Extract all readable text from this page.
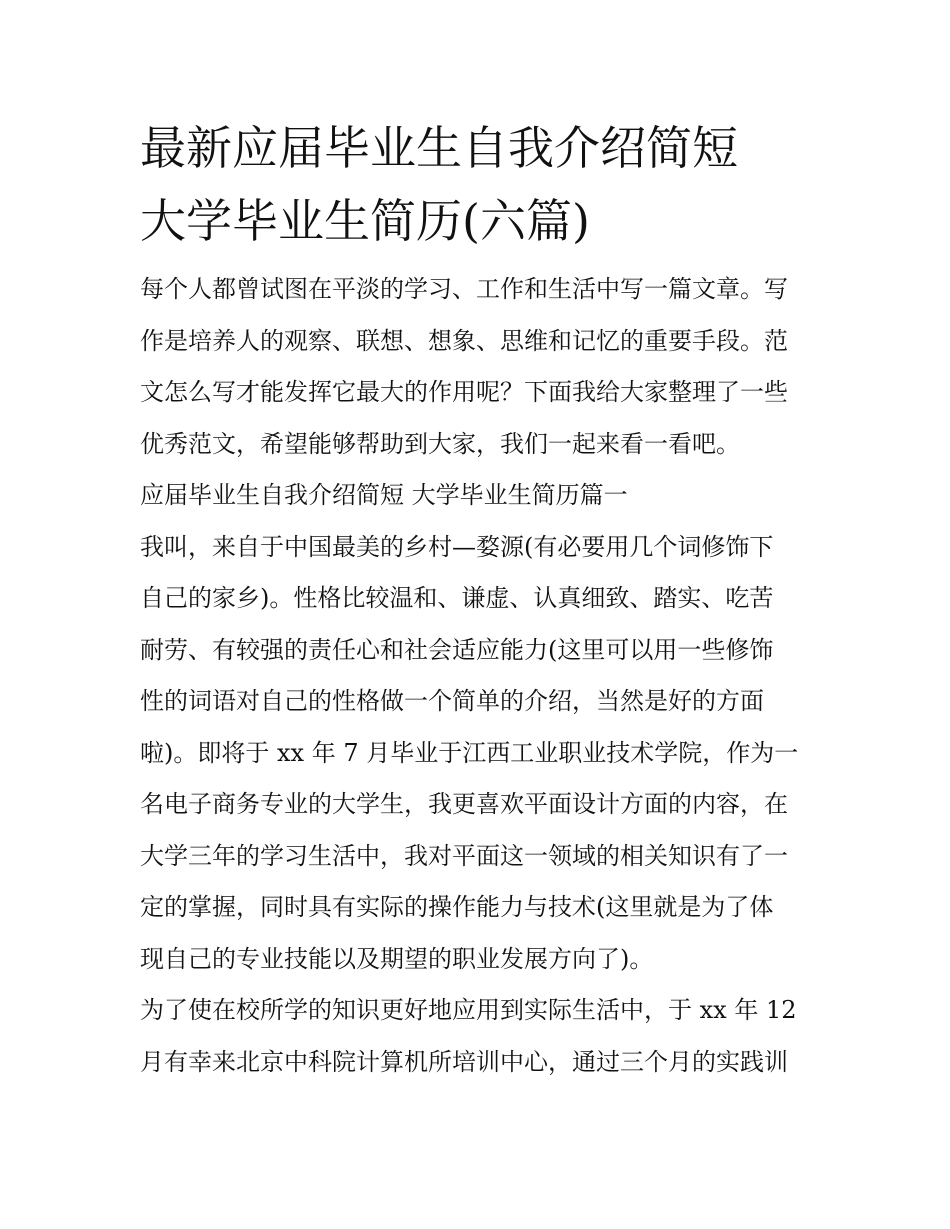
最新应届毕业生自我介绍简短
大学毕业生简历(六篇)
每个人都曾试图在平淡的学习、工作和生活中写一篇文章。写
作是培养人的观察、联想、想象、思维和记忆的重要手段。范
文怎么写才能发挥它最大的作用呢？下面我给大家整理了一些
优秀范文，希望能够帮助到大家，我们一起来看一看吧。
应届毕业生自我介绍简短 大学毕业生简历篇一
我叫，来自于中国最美的乡村—婺源(有必要用几个词修饰下
自己的家乡)。性格比较温和、谦虚、认真细致、踏实、吃苦
耐劳、有较强的责任心和社会适应能力(这里可以用一些修饰
性的词语对自己的性格做一个简单的介绍，当然是好的方面
啦)。即将于 xx 年 7 月毕业于江西工业职业技术学院，作为一
名电子商务专业的大学生，我更喜欢平面设计方面的内容，在
大学三年的学习生活中，我对平面这一领域的相关知识有了一
定的掌握，同时具有实际的操作能力与技术(这里就是为了体
现自己的专业技能以及期望的职业发展方向了)。
为了使在校所学的知识更好地应用到实际生活中，于 xx 年 12
月有幸来北京中科院计算机所培训中心，通过三个月的实践训
